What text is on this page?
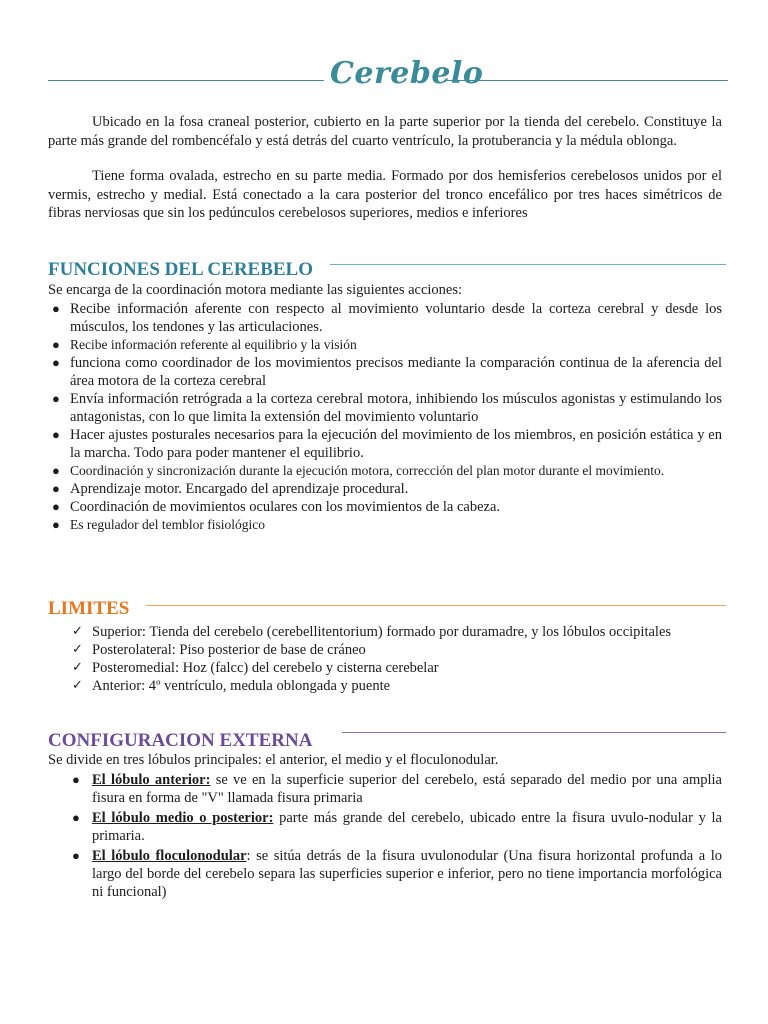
Cerebelo

Ubicado en la fosa craneal posterior, cubierto en la parte superior por la tienda del cerebelo. Constituye la parte más grande del rombencéfalo y está detrás del cuarto ventrículo, la protuberancia y la médula oblonga.

Tiene forma ovalada, estrecho en su parte media. Formado por dos hemisferios cerebelosos unidos por el vermis, estrecho y medial. Está conectado a la cara posterior del tronco encefálico por tres haces simétricos de fibras nerviosas que sin los pedúnculos cerebelosos superiores, medios e inferiores

FUNCIONES DEL CEREBELO

Se encarga de la coordinación motora mediante las siguientes acciones:

● Recibe información aferente con respecto al movimiento voluntario desde la corteza cerebral y desde los músculos, los tendones y las articulaciones.
● Recibe información referente al equilibrio y la visión
● funciona como coordinador de los movimientos precisos mediante la comparación continua de la aferencia del área motora de la corteza cerebral
● Envía información retrógrada a la corteza cerebral motora, inhibiendo los músculos agonistas y estimulando los antagonistas, con lo que limita la extensión del movimiento voluntario
● Hacer ajustes posturales necesarios para la ejecución del movimiento de los miembros, en posición estática y en la marcha. Todo para poder mantener el equilibrio.
● Coordinación y sincronización durante la ejecución motora, corrección del plan motor durante el movimiento.
● Aprendizaje motor. Encargado del aprendizaje procedural.
● Coordinación de movimientos oculares con los movimientos de la cabeza.
● Es regulador del temblor fisiológico
LIMITES
✓ Superior: Tienda del cerebelo (cerebellitentorium) formado por duramadre, y los lóbulos occipitales
✓ Posterolateral: Piso posterior de base de cráneo
✓ Posteromedial: Hoz (falcc) del cerebelo y cisterna cerebelar
✓ Anterior: 4º ventrículo, medula oblongada y puente
CONFIGURACION EXTERNA

Se divide en tres lóbulos principales: el anterior, el medio y el floculonodular.

● El lóbulo anterior: se ve en la superficie superior del cerebelo, está separado del medio por una amplia fisura en forma de "V" llamada fisura primaria
● El lóbulo medio o posterior: parte más grande del cerebelo, ubicado entre la fisura uvulo-nodular y la primaria.
● El lóbulo floculonodular: se sitúa detrás de la fisura uvulonodular (Una fisura horizontal profunda a lo largo del borde del cerebelo separa las superficies superior e inferior, pero no tiene importancia morfológica ni funcional)
